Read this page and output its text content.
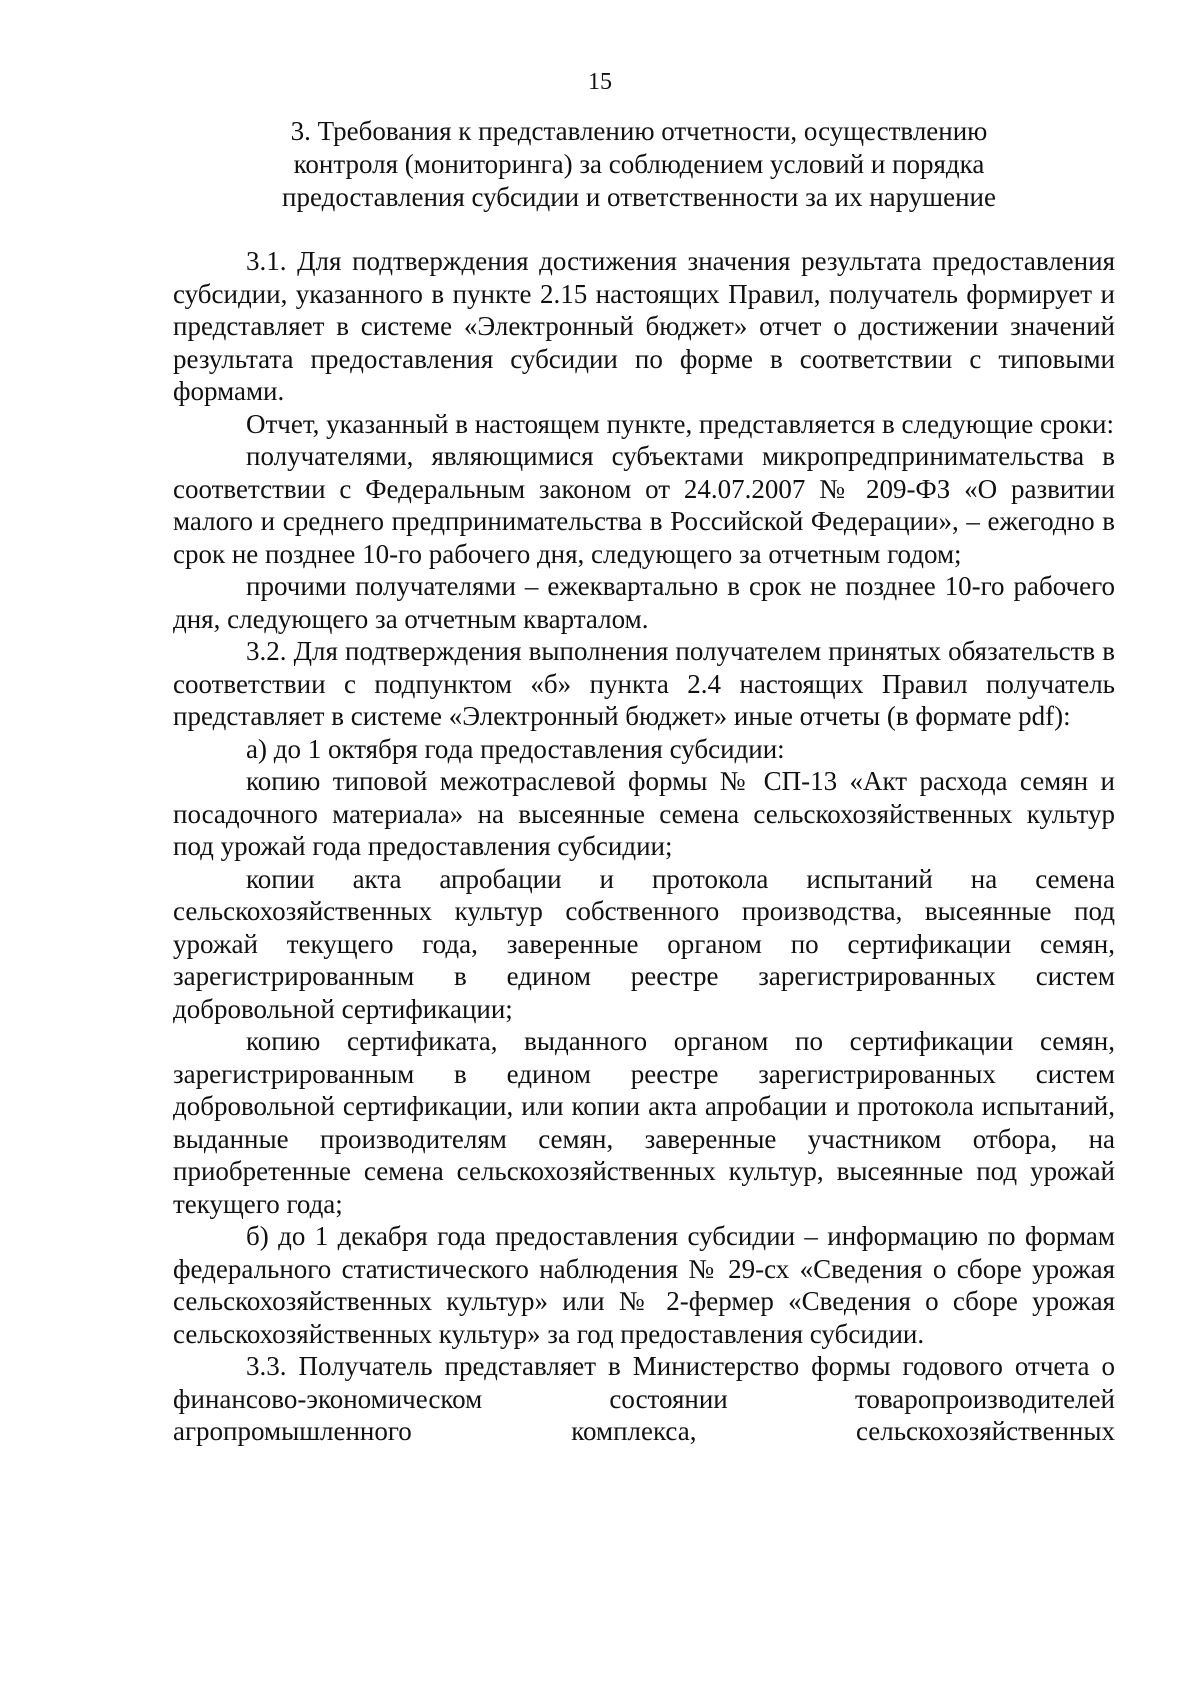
15
3. Требования к представлению отчетности, осуществлению
контроля (мониторинга) за соблюдением условий и порядка
предоставления субсидии и ответственности за их нарушение

3.1. Для подтверждения достижения значения результата предоставления субсидии, указанного в пункте 2.15 настоящих Правил, получатель формирует и представляет в системе «Электронный бюджет» отчет о достижении значений результата предоставления субсидии по форме в соответствии с типовыми формами.

Отчет, указанный в настоящем пункте, представляется в следующие сроки:

получателями, являющимися субъектами микропредпринимательства в соответствии с Федеральным законом от 24.07.2007 № 209-ФЗ «О развитии малого и среднего предпринимательства в Российской Федерации», – ежегодно в срок не позднее 10-го рабочего дня, следующего за отчетным годом;

прочими получателями – ежеквартально в срок не позднее 10-го рабочего дня, следующего за отчетным кварталом.

3.2. Для подтверждения выполнения получателем принятых обязательств в соответствии с подпунктом «б» пункта 2.4 настоящих Правил получатель представляет в системе «Электронный бюджет» иные отчеты (в формате pdf):

а) до 1 октября года предоставления субсидии:

копию типовой межотраслевой формы № СП-13 «Акт расхода семян и посадочного материала» на высеянные семена сельскохозяйственных культур под урожай года предоставления субсидии;

копии акта апробации и протокола испытаний на семена сельскохозяйственных культур собственного производства, высеянные под урожай текущего года, заверенные органом по сертификации семян, зарегистрированным в едином реестре зарегистрированных систем добровольной сертификации;

копию сертификата, выданного органом по сертификации семян, зарегистрированным в едином реестре зарегистрированных систем добровольной сертификации, или копии акта апробации и протокола испытаний, выданные производителям семян, заверенные участником отбора, на приобретенные семена сельскохозяйственных культур, высеянные под урожай текущего года;

б) до 1 декабря года предоставления субсидии – информацию по формам федерального статистического наблюдения № 29-сх «Сведения о сборе урожая сельскохозяйственных культур» или № 2-фермер «Сведения о сборе урожая сельскохозяйственных культур» за год предоставления субсидии.

3.3. Получатель представляет в Министерство формы годового отчета о финансово-экономическом состоянии товаропроизводителей агропромышленного комплекса, сельскохозяйственных
